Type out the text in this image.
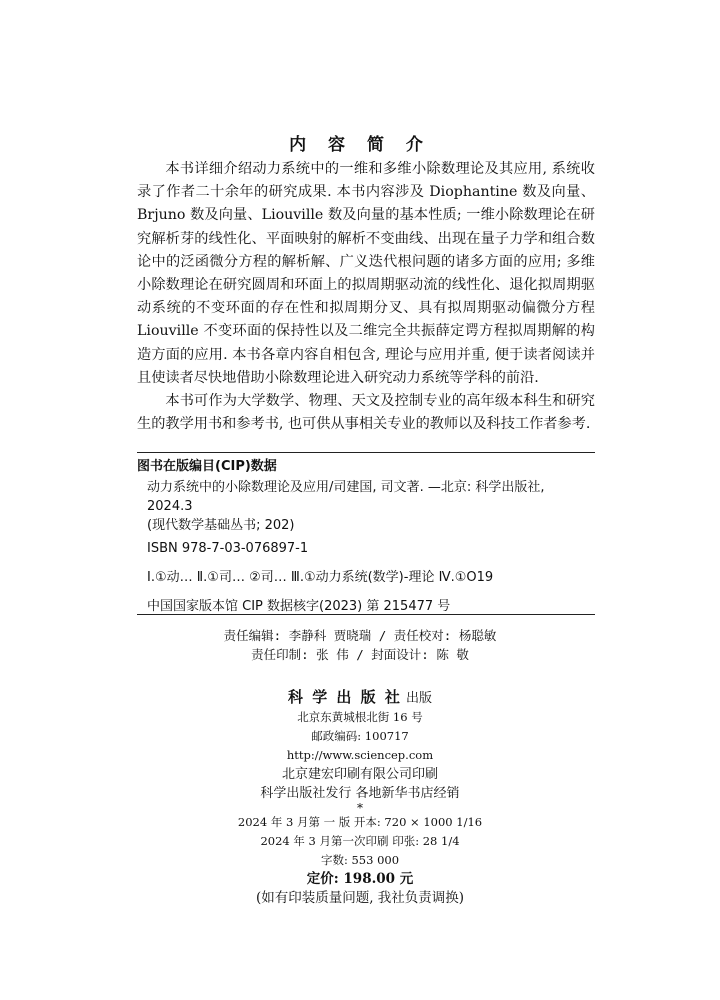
内 容 简 介

本书详细介绍动力系统中的一维和多维小除数理论及其应用, 系统收录了作者二十余年的研究成果. 本书内容涉及 Diophantine 数及向量、Brjuno 数及向量、Liouville 数及向量的基本性质; 一维小除数理论在研究解析芽的线性化、平面映射的解析不变曲线、出现在量子力学和组合数论中的泛函微分方程的解析解、广义迭代根问题的诸多方面的应用; 多维小除数理论在研究圆周和环面上的拟周期驱动流的线性化、退化拟周期驱动系统的不变环面的存在性和拟周期分叉、具有拟周期驱动偏微分方程 Liouville 不变环面的保持性以及二维完全共振薛定谔方程拟周期解的构造方面的应用. 本书各章内容自相包含, 理论与应用并重, 便于读者阅读并且使读者尽快地借助小除数理论进入研究动力系统等学科的前沿.

本书可作为大学数学、物理、天文及控制专业的高年级本科生和研究生的教学用书和参考书, 也可供从事相关专业的教师以及科技工作者参考.

图书在版编目(CIP)数据
动力系统中的小除数理论及应用/司建国, 司文著. —北京: 科学出版社,
2024.3
(现代数学基础丛书; 202)
ISBN 978-7-03-076897-1
Ⅰ.①动… Ⅱ.①司… ②司… Ⅲ.①动力系统(数学)-理论 Ⅳ.①O19
中国国家版本馆 CIP 数据核字(2023) 第 215477 号
责任编辑: 李静科 贾晓瑞 / 责任校对: 杨聪敏
责任印制: 张 伟 / 封面设计: 陈 敬
科 学 出 版 社 出版
北京东黄城根北街 16 号
邮政编码: 100717
http://www.sciencep.com
北京建宏印刷有限公司印刷
科学出版社发行 各地新华书店经销
*
2024 年 3 月第 一 版 开本: 720 × 1000 1/16
2024 年 3 月第一次印刷 印张: 28 1/4
字数: 553 000
定价: 198.00 元
(如有印装质量问题, 我社负责调换)
